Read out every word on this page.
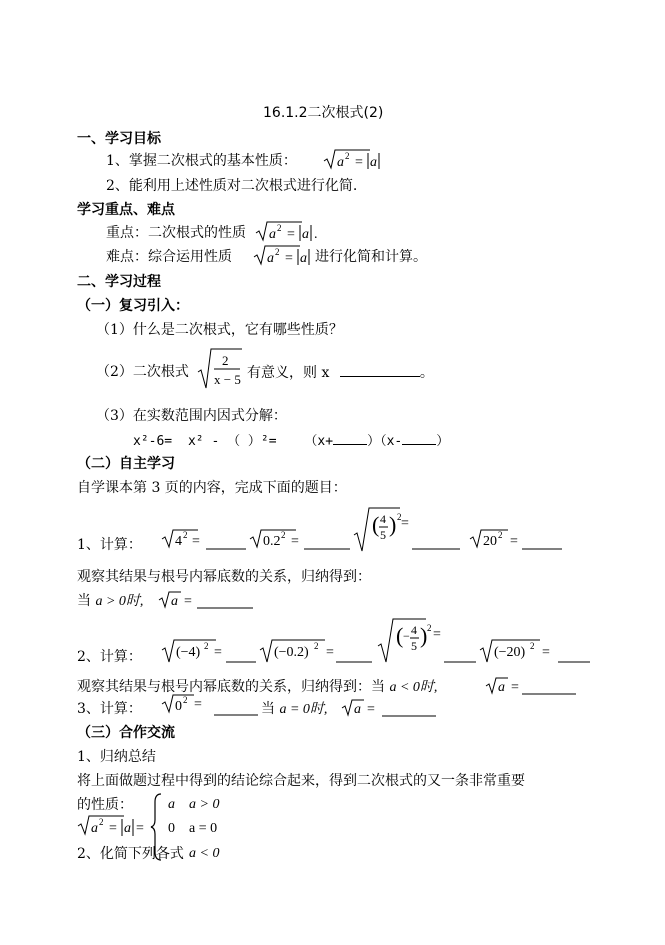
16.1.2二次根式(2)
一、学习目标
1、掌握二次根式的基本性质：	a 2 = a
2、能利用上述性质对二次根式进行化简.
学习重点、难点
重点：二次根式的性质 a 2 = a .
难点：综合运用性质	a 2 = a 进行化简和计算。
二、学习过程
（一）复习引入：
（1）什么是二次根式，它有哪些性质？
（2）二次根式
2
x − 5 有意义，则 x	。
（3）在实数范围内因式分解：
x²-6= x² - （ ）²= （x+	）（x-	）
（二）自主学习
自学课本第 3 页的内容，完成下面的题目：
1、计算： 4 2 =	0.2 2 =
( 4
5 ) 2 =
20 2 =
观察其结果与根号内幂底数的关系，归纳得到：
当 a > 0时, a =
2、计算： (−4) 2 =	(−0.2) 2 =
( − 4
5 ) 2 =
(−20) 2 =
观察其结果与根号内幂底数的关系，归纳得到：当 a < 0时,	a =
3、计算： 0 2 =	当 a = 0时, a =
（三）合作交流
1、归纳总结
将上面做题过程中得到的结论综合起来，得到二次根式的又一条非常重要
的性质：
a 2 = a =
a    a > 0
0    a = 0
2、化简下列各式 a < 0
